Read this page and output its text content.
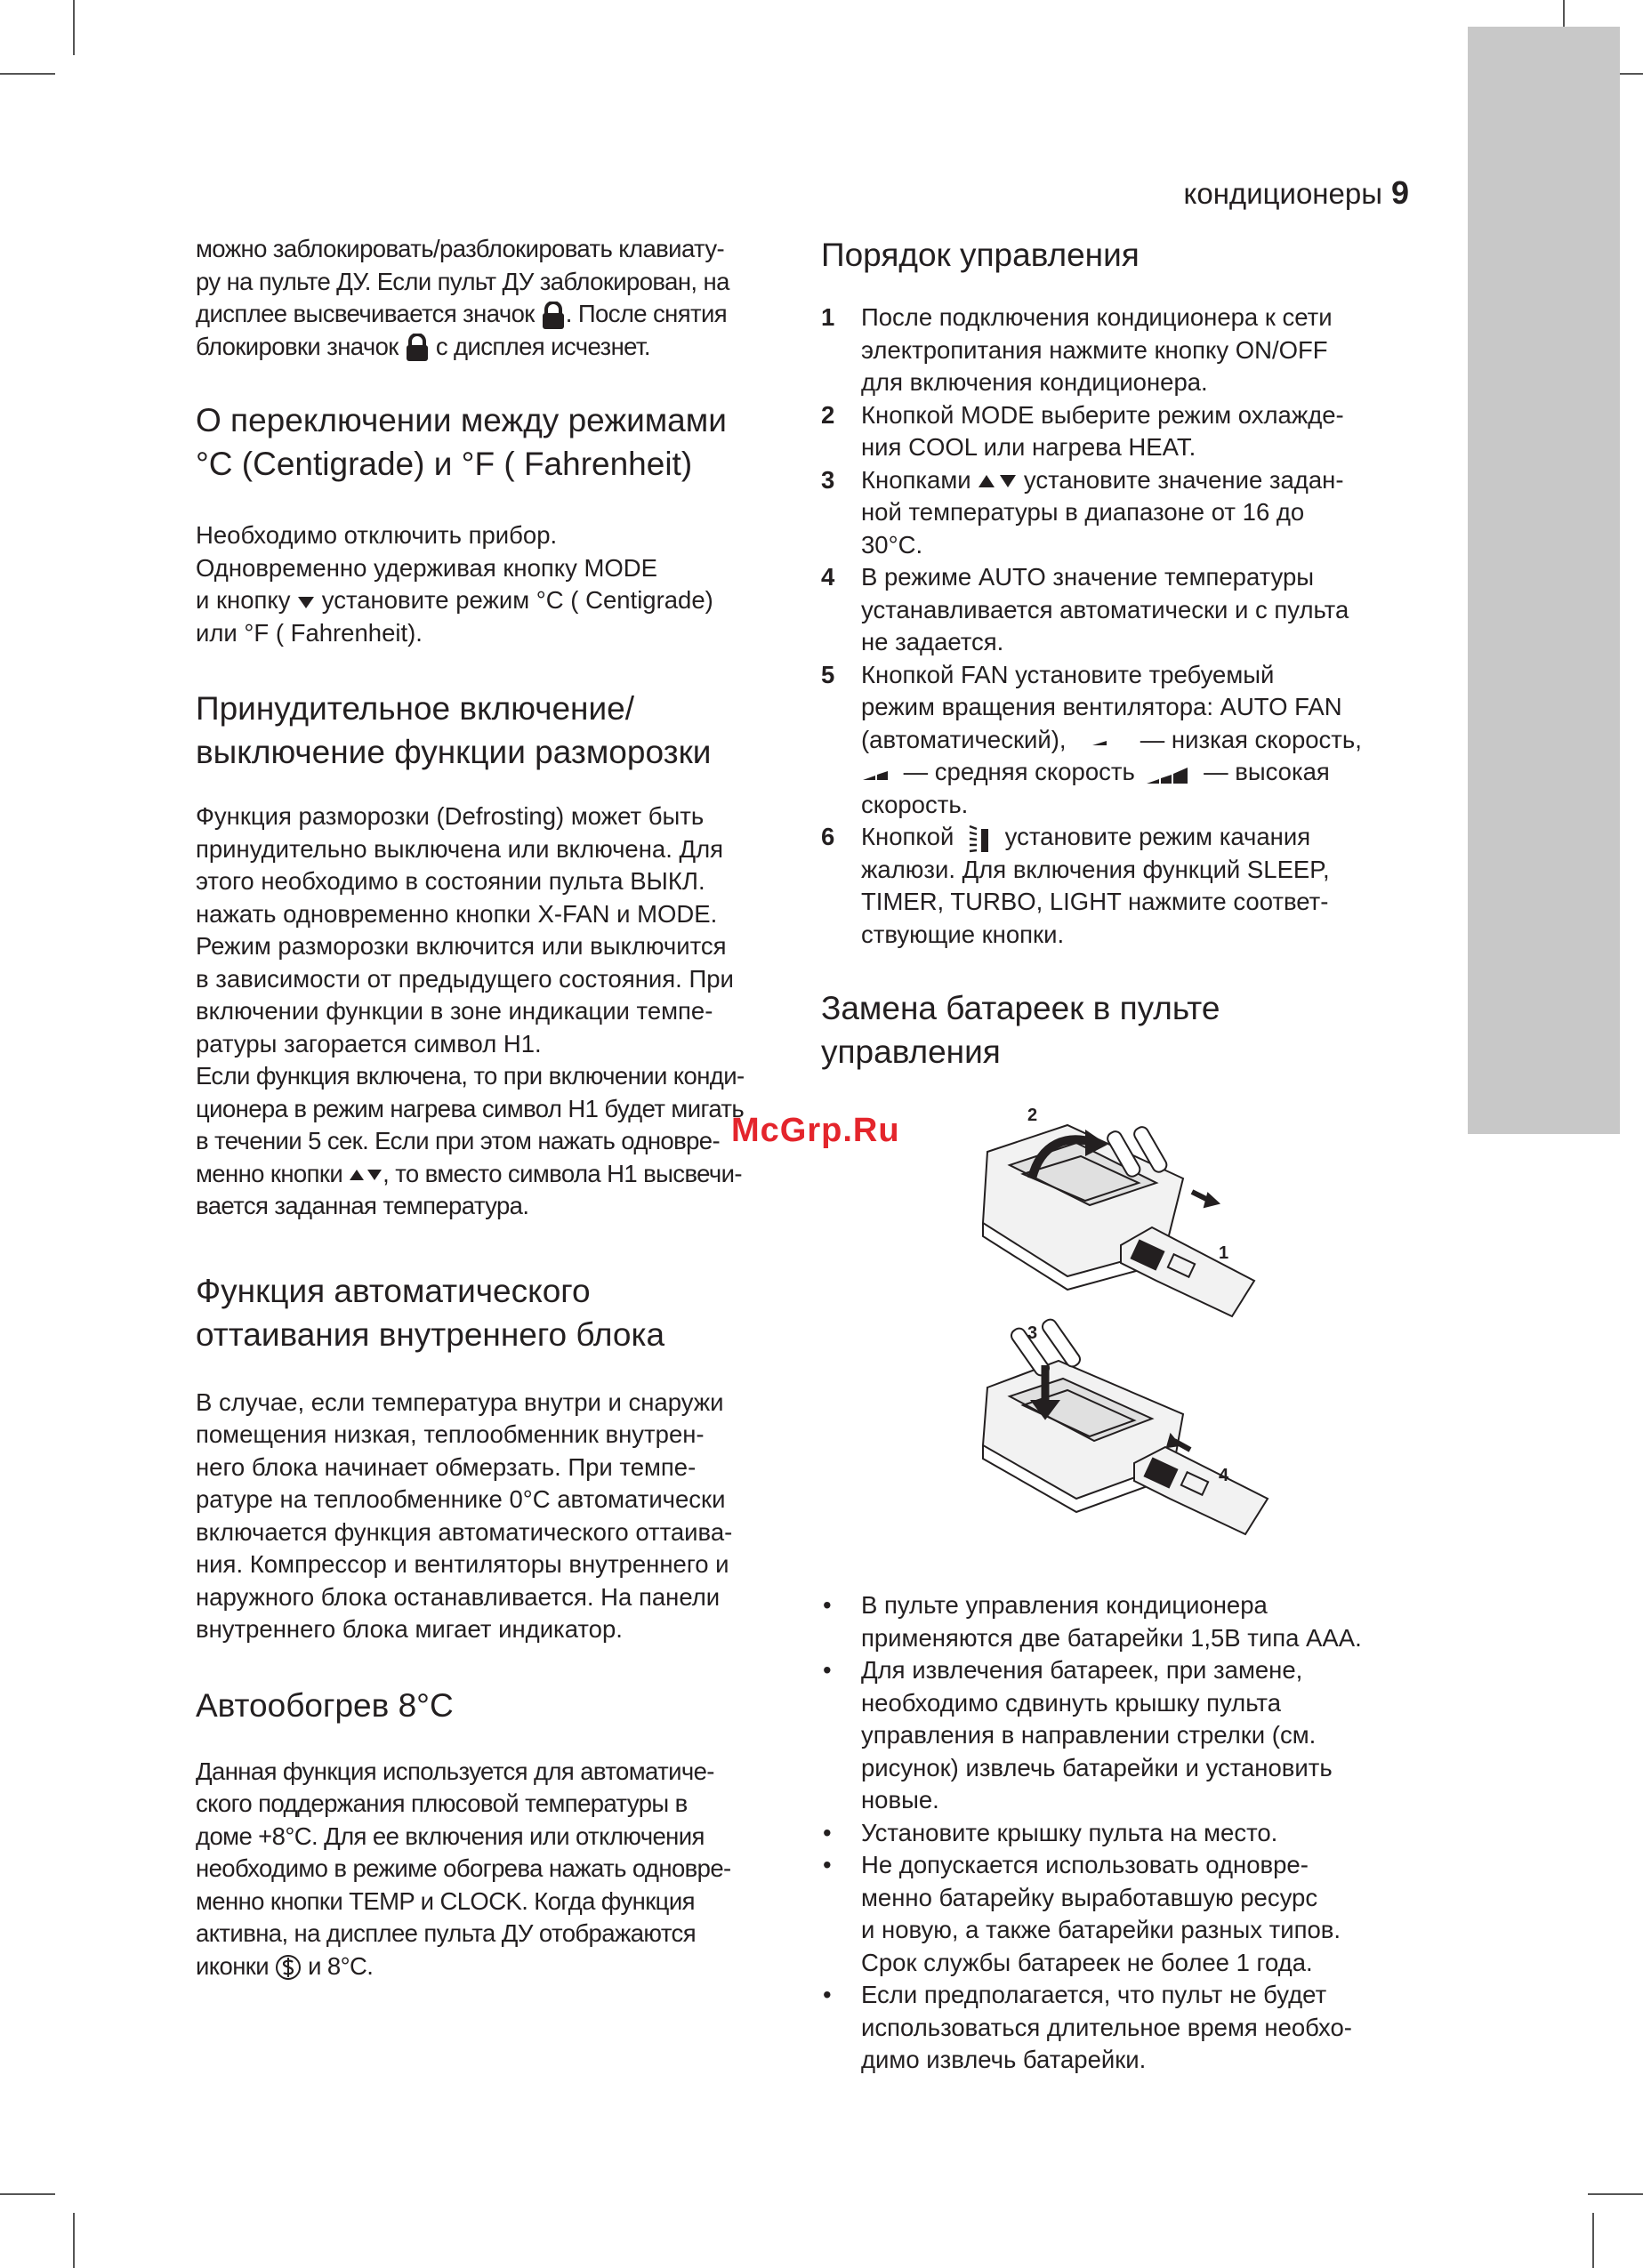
кондиционеры 9

можно заблокировать/разблокировать клавиату-
ру на пульте ДУ. Если пульт ДУ заблокирован, на
дисплее высвечивается значок . После снятия
блокировки значок с дисплея исчезнет.

О переключении между режимами
°C (Centigrade) и °F ( Fahrenheit)

Необходимо отключить прибор.
Одновременно удерживая кнопку MODE
и кнопку установите режим °C ( Centigrade)
или °F ( Fahrenheit).

Принудительное включение/
выключение функции разморозки

Функция разморозки (Defrosting) может быть
принудительно выключена или включена. Для
этого необходимо в состоянии пульта ВЫКЛ.
нажать одновременно кнопки X-FAN и MODE.
Режим разморозки включится или выключится
в зависимости от предыдущего состояния. При
включении функции в зоне индикации темпе-
ратуры загорается символ H1.

Если функция включена, то при включении конди-
ционера в режим нагрева символ H1 будет мигать
в течении 5 сек. Если при этом нажать одновре-
менно кнопки , то вместо символа H1 высвечи-
вается заданная температура.

Функция автоматического
оттаивания внутреннего блока

В случае, если температура внутри и снаружи
помещения низкая, теплообменник внутрен-
него блока начинает обмерзать. При темпе-
ратуре на теплообменнике 0°C автоматически
включается функция автоматического оттаива-
ния. Компрессор и вентиляторы внутреннего и
наружного блока останавливается. На панели
внутреннего блока мигает индикатор.

Автообогрев 8°C

Данная функция используется для автоматиче-
ского поддержания плюсовой температуры в
доме +8°C. Для ее включения или отключения
необходимо в режиме обогрева нажать одновре-
менно кнопки TEMP и CLOCK. Когда функция
активна, на дисплее пульта ДУ отображаются
иконки и 8°C.

Порядок управления
1 После подключения кондиционера к сети
электропитания нажмите кнопку ON/OFF
для включения кондиционера.
2 Кнопкой MODE выберите режим охлажде-
ния COOL или нагрева HEAT.
3 Кнопками установите значение задан-
ной температуры в диапазоне от 16 до
30°C.
4 В режиме AUTO значение температуры
устанавливается автоматически и с пульта
не задается.
5 Кнопкой FAN установите требуемый
режим вращения вентилятора: AUTO FAN
(автоматический),	— низкая скорость,
— средняя скорость	— высокая
скорость.
6 Кнопкой установите режим качания
жалюзи. Для включения функций SLEEP,
TIMER, TURBO, LIGHT нажмите соответ-
ствующие кнопки.
Замена батареек в пульте
управления
• В пульте управления кондиционера
применяются две батарейки 1,5В типа AAA.
• Для извлечения батареек, при замене,
необходимо сдвинуть крышку пульта
управления в направлении стрелки (см.
рисунок) извлечь батарейки и установить
новые.
• Установите крышку пульта на место.
• Не допускается использовать одновре-
менно батарейку выработавшую ресурс
и новую, а также батарейки разных типов.
Срок службы батареек не более 1 года.
• Если предполагается, что пульт не будет
использоваться длительное время необхо-
димо извлечь батарейки.
2
1
3
4
McGrp.Ru
